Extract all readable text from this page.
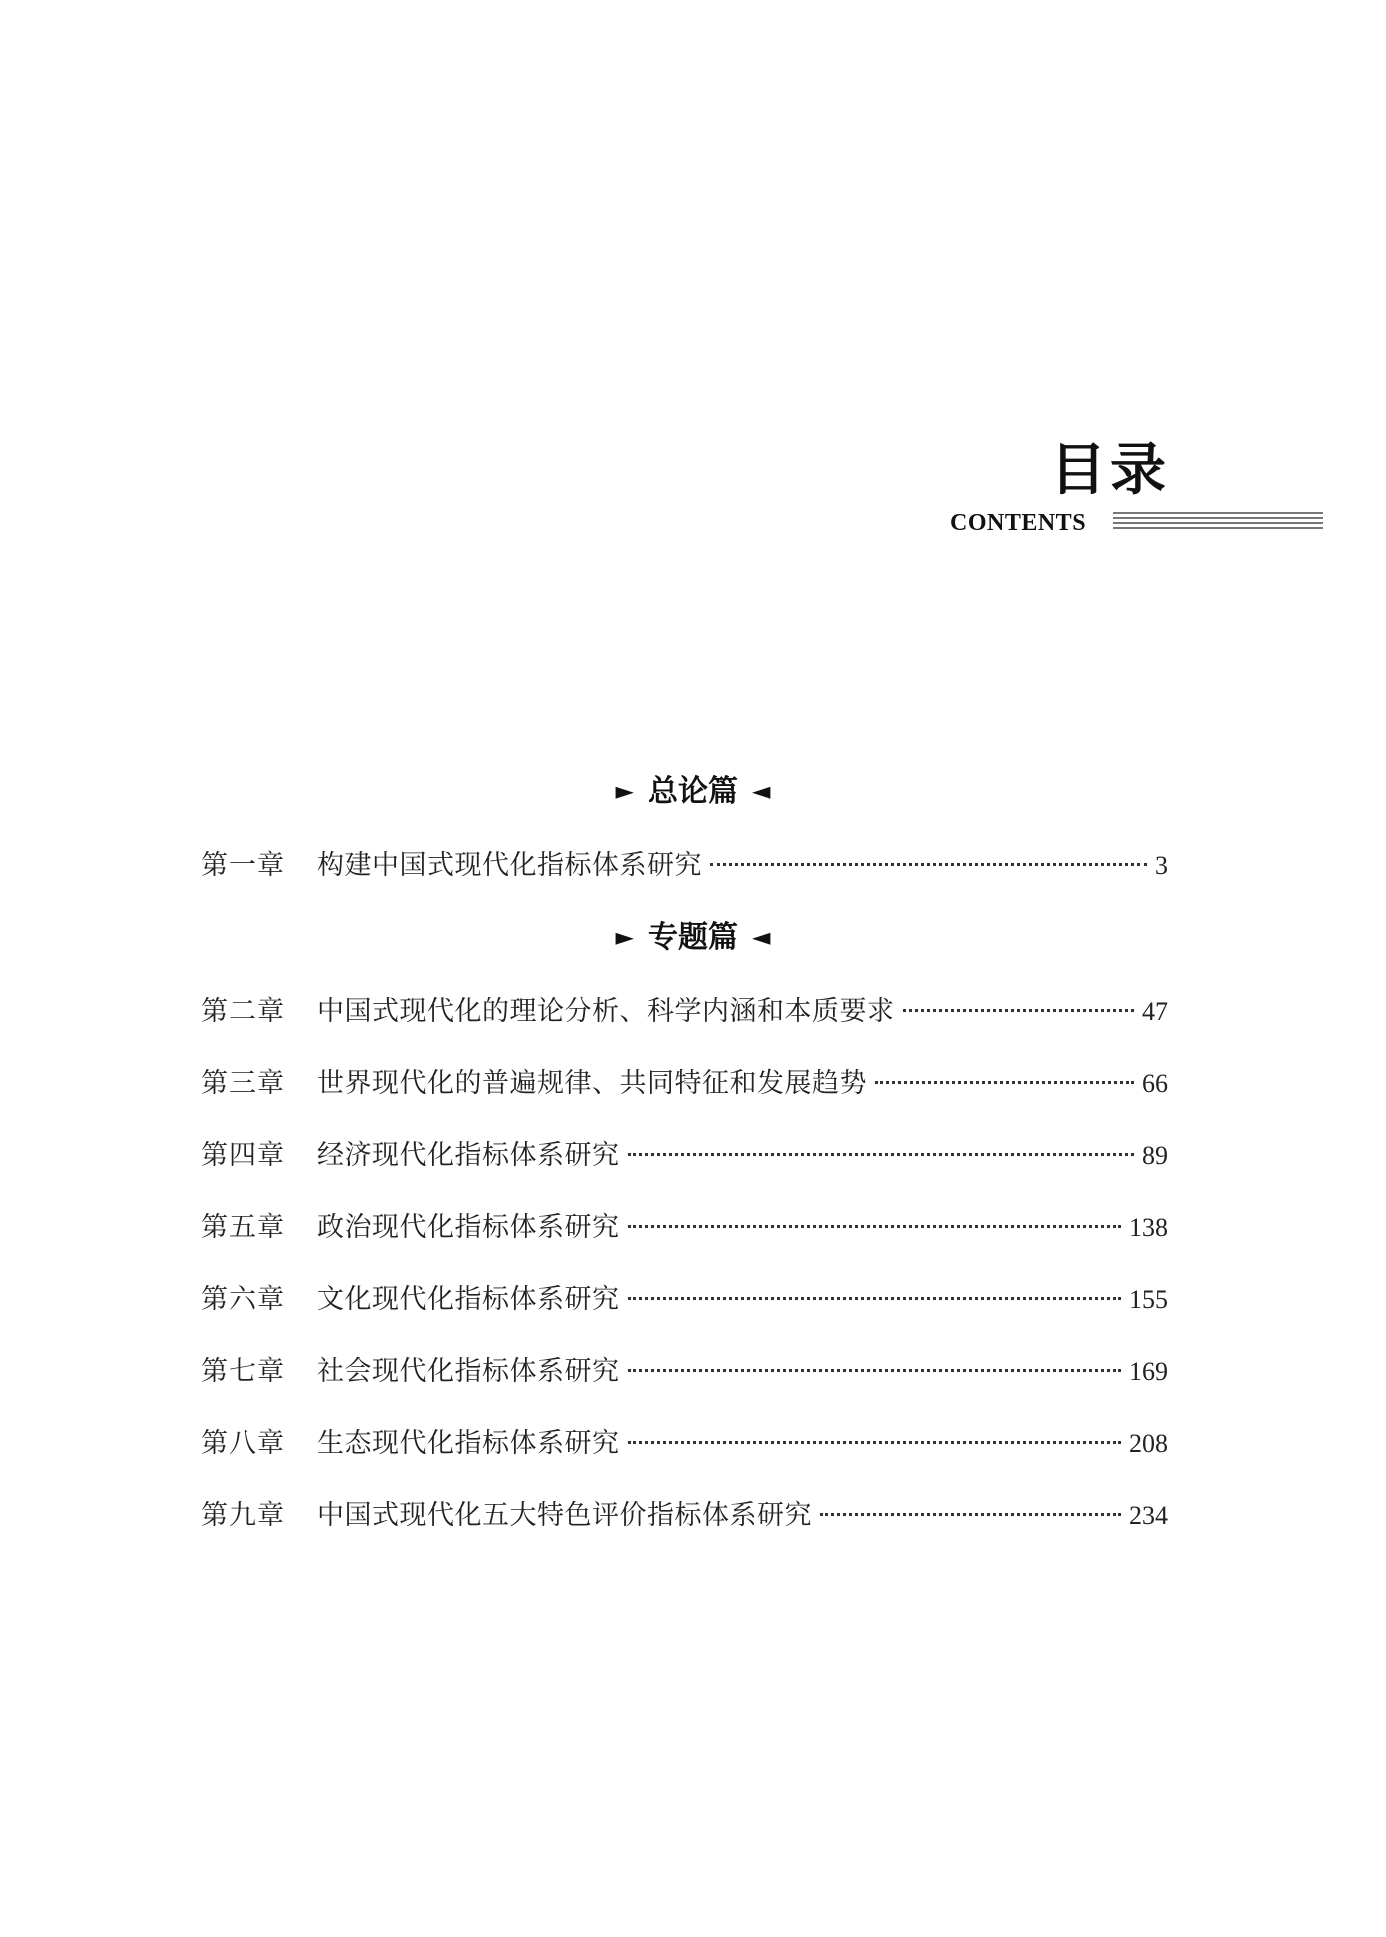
目录
CONTENTS
► 总论篇 ◄
第一章	构建中国式现代化指标体系研究	3
► 专题篇 ◄
第二章	中国式现代化的理论分析、科学内涵和本质要求	47
第三章	世界现代化的普遍规律、共同特征和发展趋势	66
第四章	经济现代化指标体系研究	89
第五章	政治现代化指标体系研究	138
第六章	文化现代化指标体系研究	155
第七章	社会现代化指标体系研究	169
第八章	生态现代化指标体系研究	208
第九章	中国式现代化五大特色评价指标体系研究	234
